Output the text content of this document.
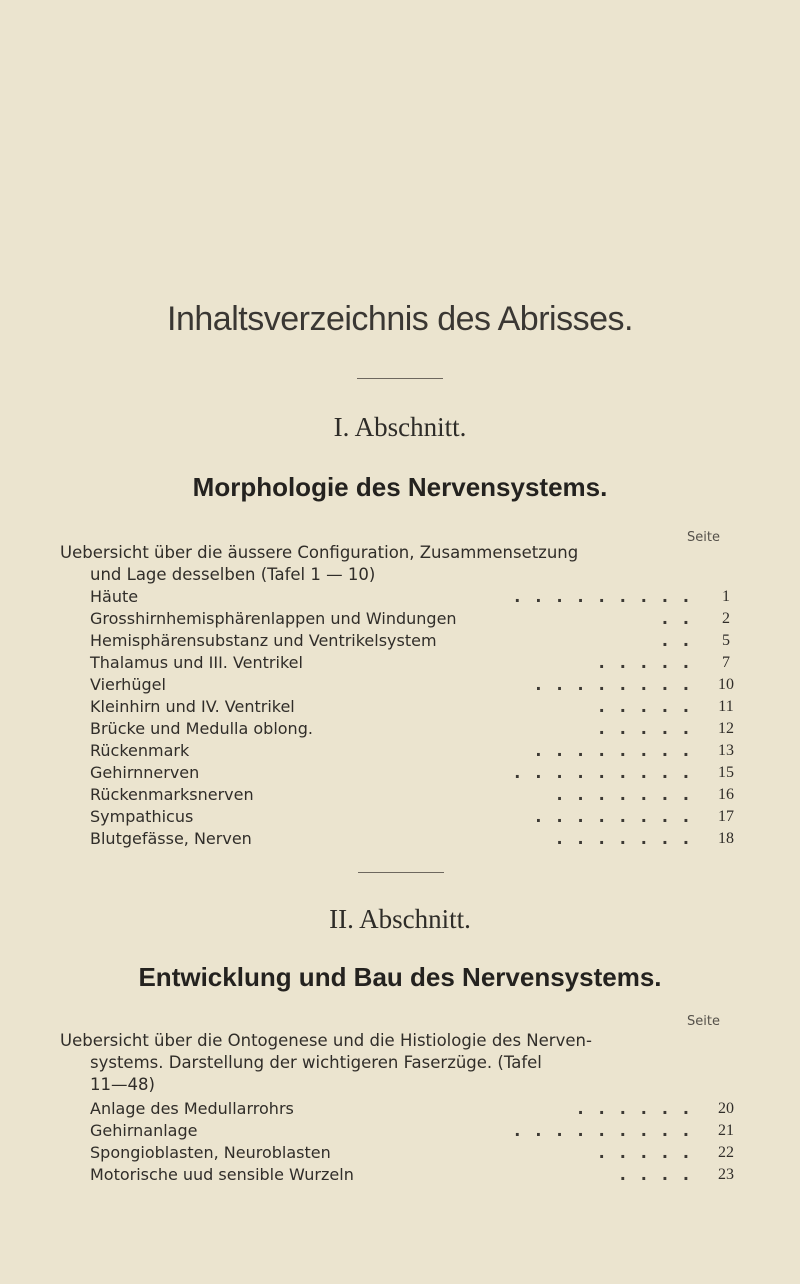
Inhaltsverzeichnis des Abrisses.
I. Abschnitt.
Morphologie des Nervensystems.
Seite
Uebersicht über die äussere Configuration, Zusammensetzung
und Lage desselben (Tafel 1 — 10)
Häute	.........	1
Grosshirnhemisphärenlappen und Windungen	..	2
Hemisphärensubstanz und Ventrikelsystem	..	5
Thalamus und III. Ventrikel	.....	7
Vierhügel	........ 10
Kleinhirn und IV. Ventrikel	..... 11
Brücke und Medulla oblong.	..... 12
Rückenmark	........ 13
Gehirnnerven	......... 15
Rückenmarksnerven	....... 16
Sympathicus	........ 17
Blutgefässe, Nerven	....... 18
II. Abschnitt.
Entwicklung und Bau des Nervensystems.
Seite
Uebersicht über die Ontogenese und die Histiologie des Nerven-
systems. Darstellung der wichtigeren Faserzüge. (Tafel
11—48)
Anlage des Medullarrohrs	...... 20
Gehirnanlage	......... 21
Spongioblasten, Neuroblasten	..... 22
Motorische uud sensible Wurzeln	.... 23
